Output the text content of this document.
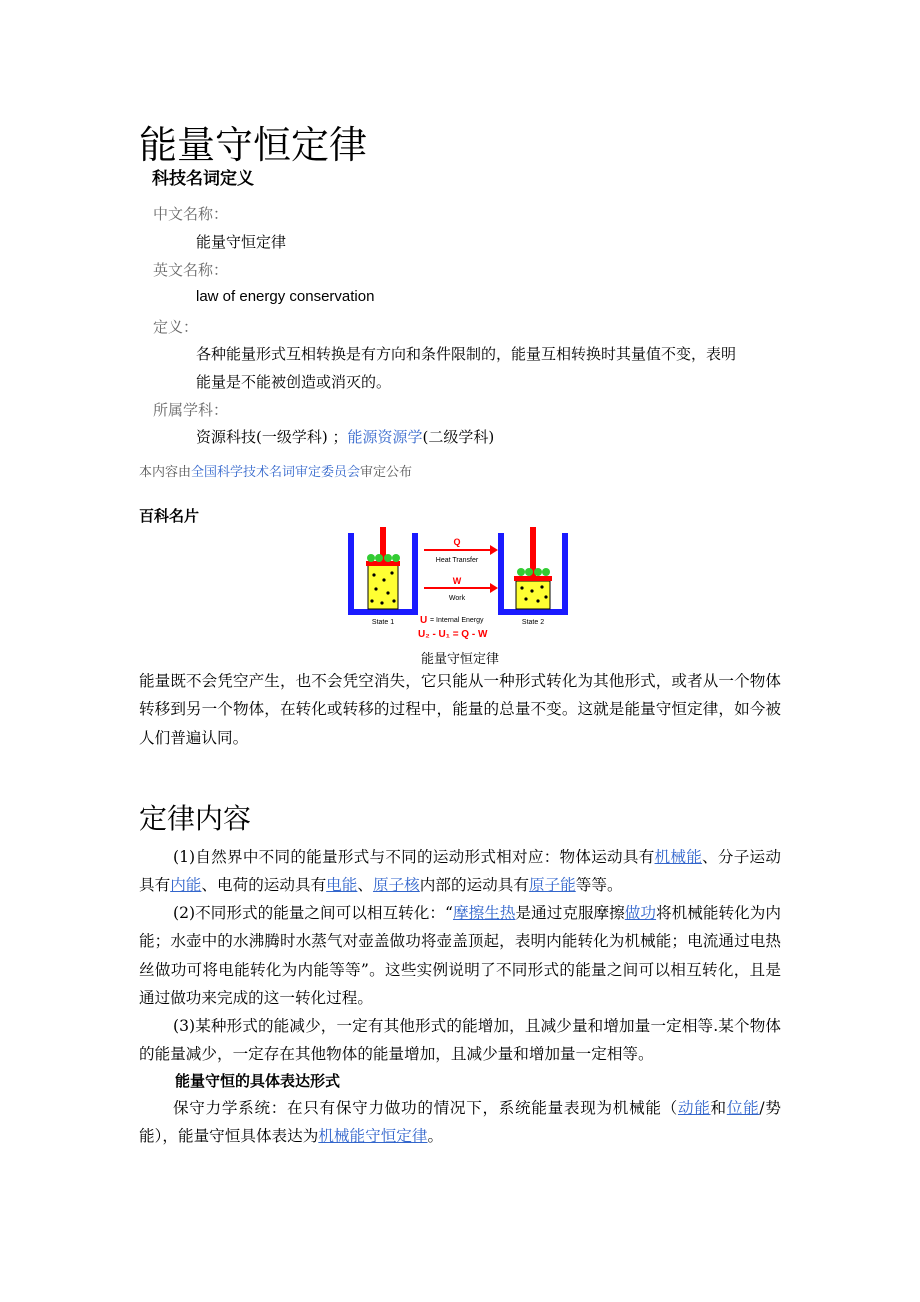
能量守恒定律
科技名词定义
中文名称：
能量守恒定律
英文名称：
law of energy conservation
定义：
各种能量形式互相转换是有方向和条件限制的，能量互相转换时其量值不变，表明
能量是不能被创造或消灭的。
所属学科：
资源科技(一级学科) ；能源资源学(二级学科)
本内容由全国科学技术名词审定委员会审定公布
百科名片
Q
Heat Transfer
W
Work
State 1	State 2
U = Internal Energy
U₂ - U₁ = Q - W
能量守恒定律
能量既不会凭空产生，也不会凭空消失，它只能从一种形式转化为其他形式，或者从一个物体转移到另一个物体，在转化或转移的过程中，能量的总量不变。这就是能量守恒定律，如今被人们普遍认同。
定律内容
(1)自然界中不同的能量形式与不同的运动形式相对应：物体运动具有机械能、分子运动具有内能、电荷的运动具有电能、原子核内部的运动具有原子能等等。
(2)不同形式的能量之间可以相互转化：“摩擦生热是通过克服摩擦做功将机械能转化为内能；水壶中的水沸腾时水蒸气对壶盖做功将壶盖顶起，表明内能转化为机械能；电流通过电热丝做功可将电能转化为内能等等”。这些实例说明了不同形式的能量之间可以相互转化，且是通过做功来完成的这一转化过程。
(3)某种形式的能减少，一定有其他形式的能增加，且减少量和增加量一定相等.某个物体的能量减少，一定存在其他物体的能量增加，且减少量和增加量一定相等。
能量守恒的具体表达形式
保守力学系统：在只有保守力做功的情况下，系统能量表现为机械能（动能和位能/势能），能量守恒具体表达为机械能守恒定律。
